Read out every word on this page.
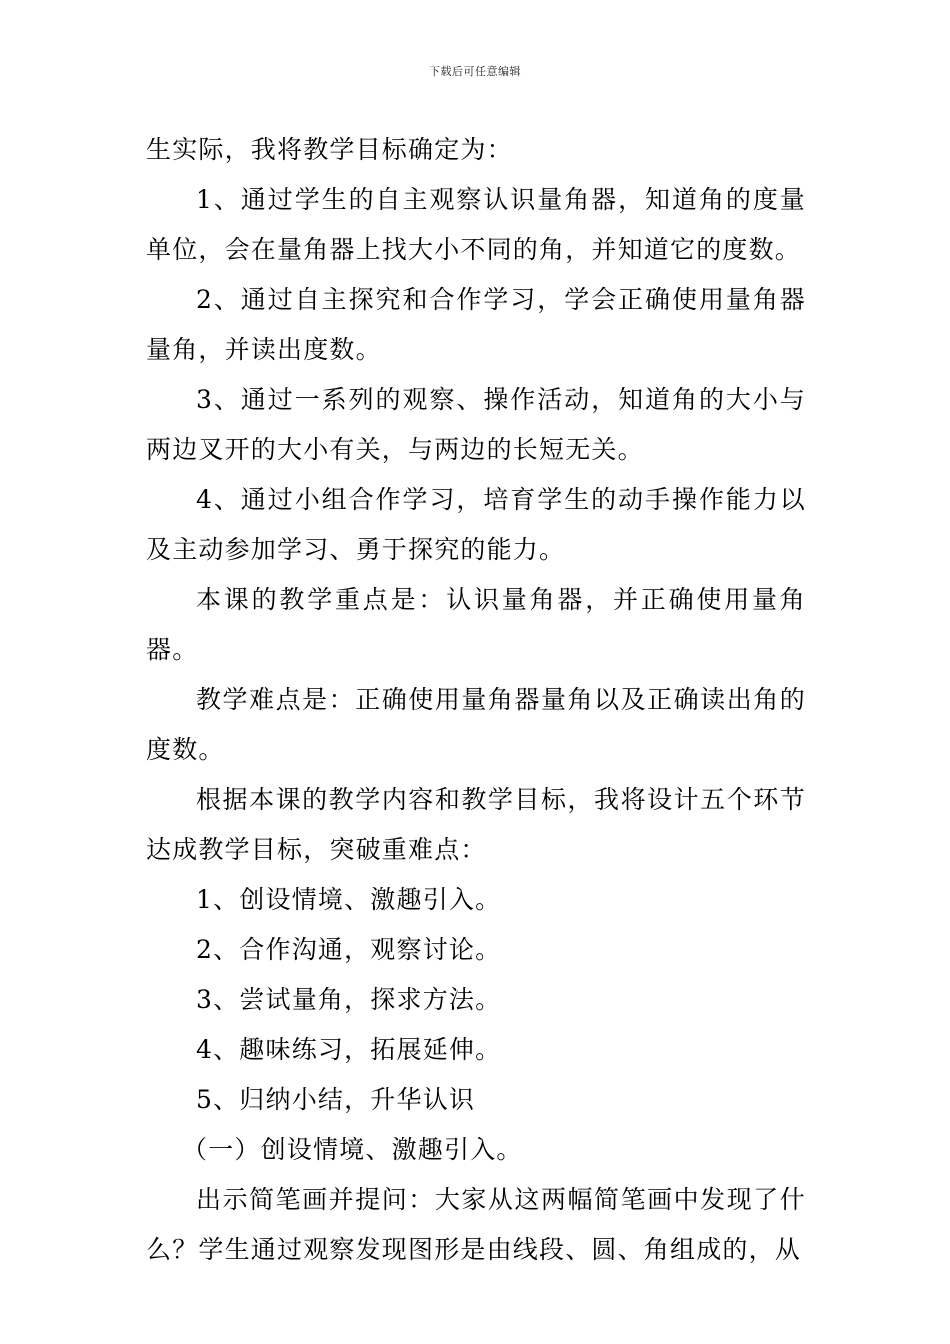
下载后可任意编辑

生实际，我将教学目标确定为：

1、通过学生的自主观察认识量角器，知道角的度量单位，会在量角器上找大小不同的角，并知道它的度数。

2、通过自主探究和合作学习，学会正确使用量角器量角，并读出度数。

3、通过一系列的观察、操作活动，知道角的大小与两边叉开的大小有关，与两边的长短无关。

4、通过小组合作学习，培育学生的动手操作能力以及主动参加学习、勇于探究的能力。

本课的教学重点是：认识量角器，并正确使用量角器。

教学难点是：正确使用量角器量角以及正确读出角的度数。

根据本课的教学内容和教学目标，我将设计五个环节达成教学目标，突破重难点：

1、创设情境、激趣引入。

2、合作沟通，观察讨论。

3、尝试量角，探求方法。

4、趣味练习，拓展延伸。

5、归纳小结，升华认识

（一）创设情境、激趣引入。

出示简笔画并提问：大家从这两幅简笔画中发现了什么？学生通过观察发现图形是由线段、圆、角组成的，从
